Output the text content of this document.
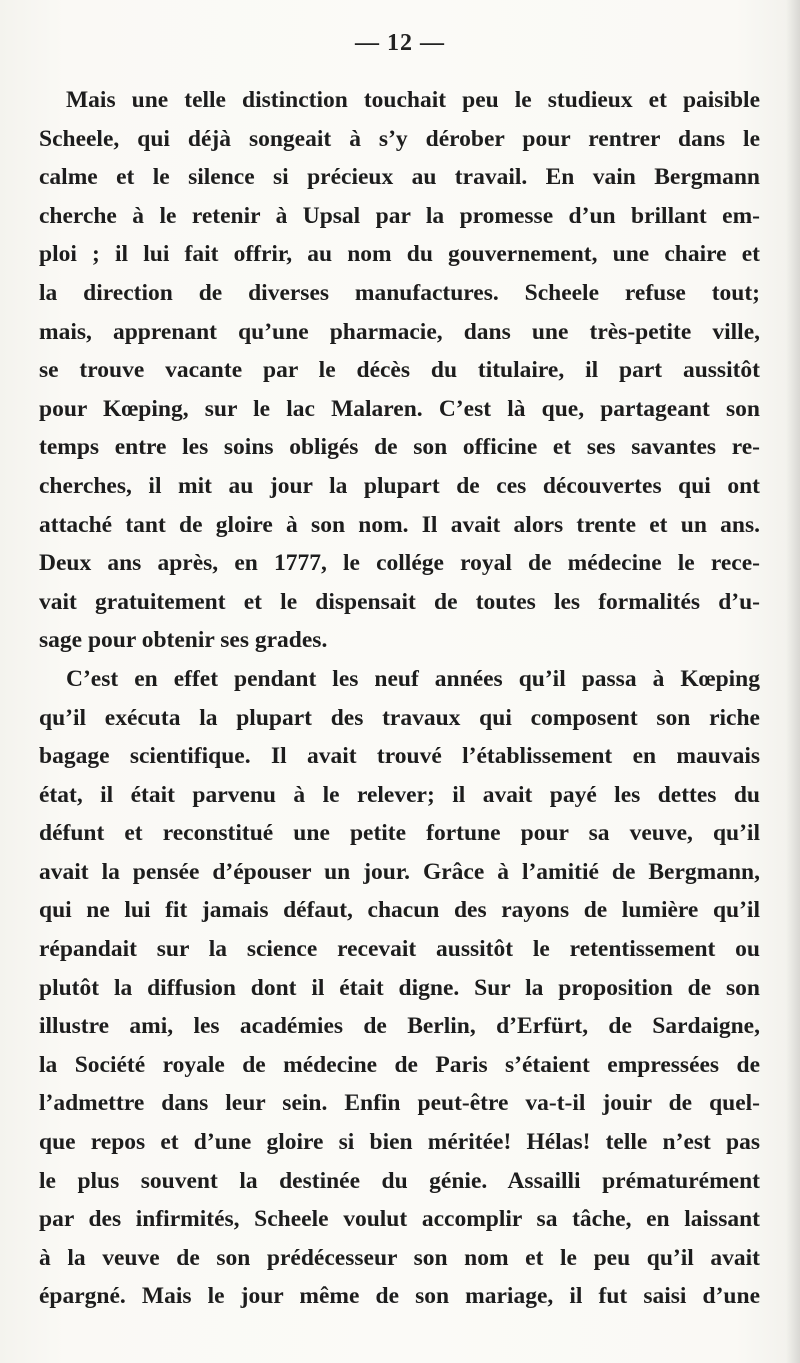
— 12 —
Mais une telle distinction touchait peu le studieux et paisible
Scheele, qui déjà songeait à s’y dérober pour rentrer dans le
calme et le silence si précieux au travail. En vain Bergmann
cherche à le retenir à Upsal par la promesse d’un brillant em-
ploi ; il lui fait offrir, au nom du gouvernement, une chaire et
la direction de diverses manufactures. Scheele refuse tout;
mais, apprenant qu’une pharmacie, dans une très-petite ville,
se trouve vacante par le décès du titulaire, il part aussitôt
pour Kœping, sur le lac Malaren. C’est là que, partageant son
temps entre les soins obligés de son officine et ses savantes re-
cherches, il mit au jour la plupart de ces découvertes qui ont
attaché tant de gloire à son nom. Il avait alors trente et un ans.
Deux ans après, en 1777, le collége royal de médecine le rece-
vait gratuitement et le dispensait de toutes les formalités d’u-
sage pour obtenir ses grades.
C’est en effet pendant les neuf années qu’il passa à Kœping
qu’il exécuta la plupart des travaux qui composent son riche
bagage scientifique. Il avait trouvé l’établissement en mauvais
état, il était parvenu à le relever; il avait payé les dettes du
défunt et reconstitué une petite fortune pour sa veuve, qu’il
avait la pensée d’épouser un jour. Grâce à l’amitié de Bergmann,
qui ne lui fit jamais défaut, chacun des rayons de lumière qu’il
répandait sur la science recevait aussitôt le retentissement ou
plutôt la diffusion dont il était digne. Sur la proposition de son
illustre ami, les académies de Berlin, d’Erfürt, de Sardaigne,
la Société royale de médecine de Paris s’étaient empressées de
l’admettre dans leur sein. Enfin peut-être va-t-il jouir de quel-
que repos et d’une gloire si bien méritée! Hélas! telle n’est pas
le plus souvent la destinée du génie. Assailli prématurément
par des infirmités, Scheele voulut accomplir sa tâche, en laissant
à la veuve de son prédécesseur son nom et le peu qu’il avait
épargné. Mais le jour même de son mariage, il fut saisi d’une
